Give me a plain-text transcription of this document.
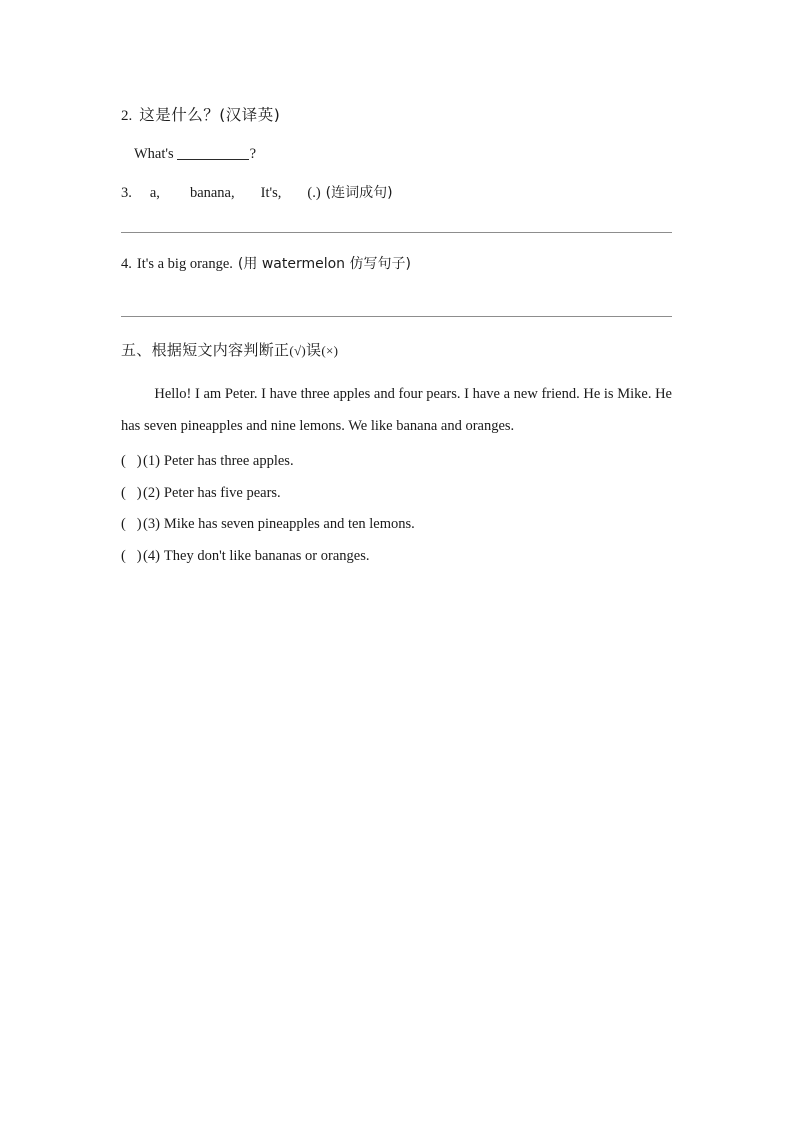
2. 这是什么？(汉译英)
What's	?
3. a, banana, It's, (.) (连词成句)
4. It's a big orange. (用 watermelon 仿写句子)
五、根据短文内容判断正(√)误(×)
Hello! I am Peter. I have three apples and four pears. I have a new friend. He is Mike. He has seven pineapples and nine lemons. We like banana and oranges.
(   )(1) Peter has three apples.
(   )(2) Peter has five pears.
(   )(3) Mike has seven pineapples and ten lemons.
(   )(4) They don't like bananas or oranges.
